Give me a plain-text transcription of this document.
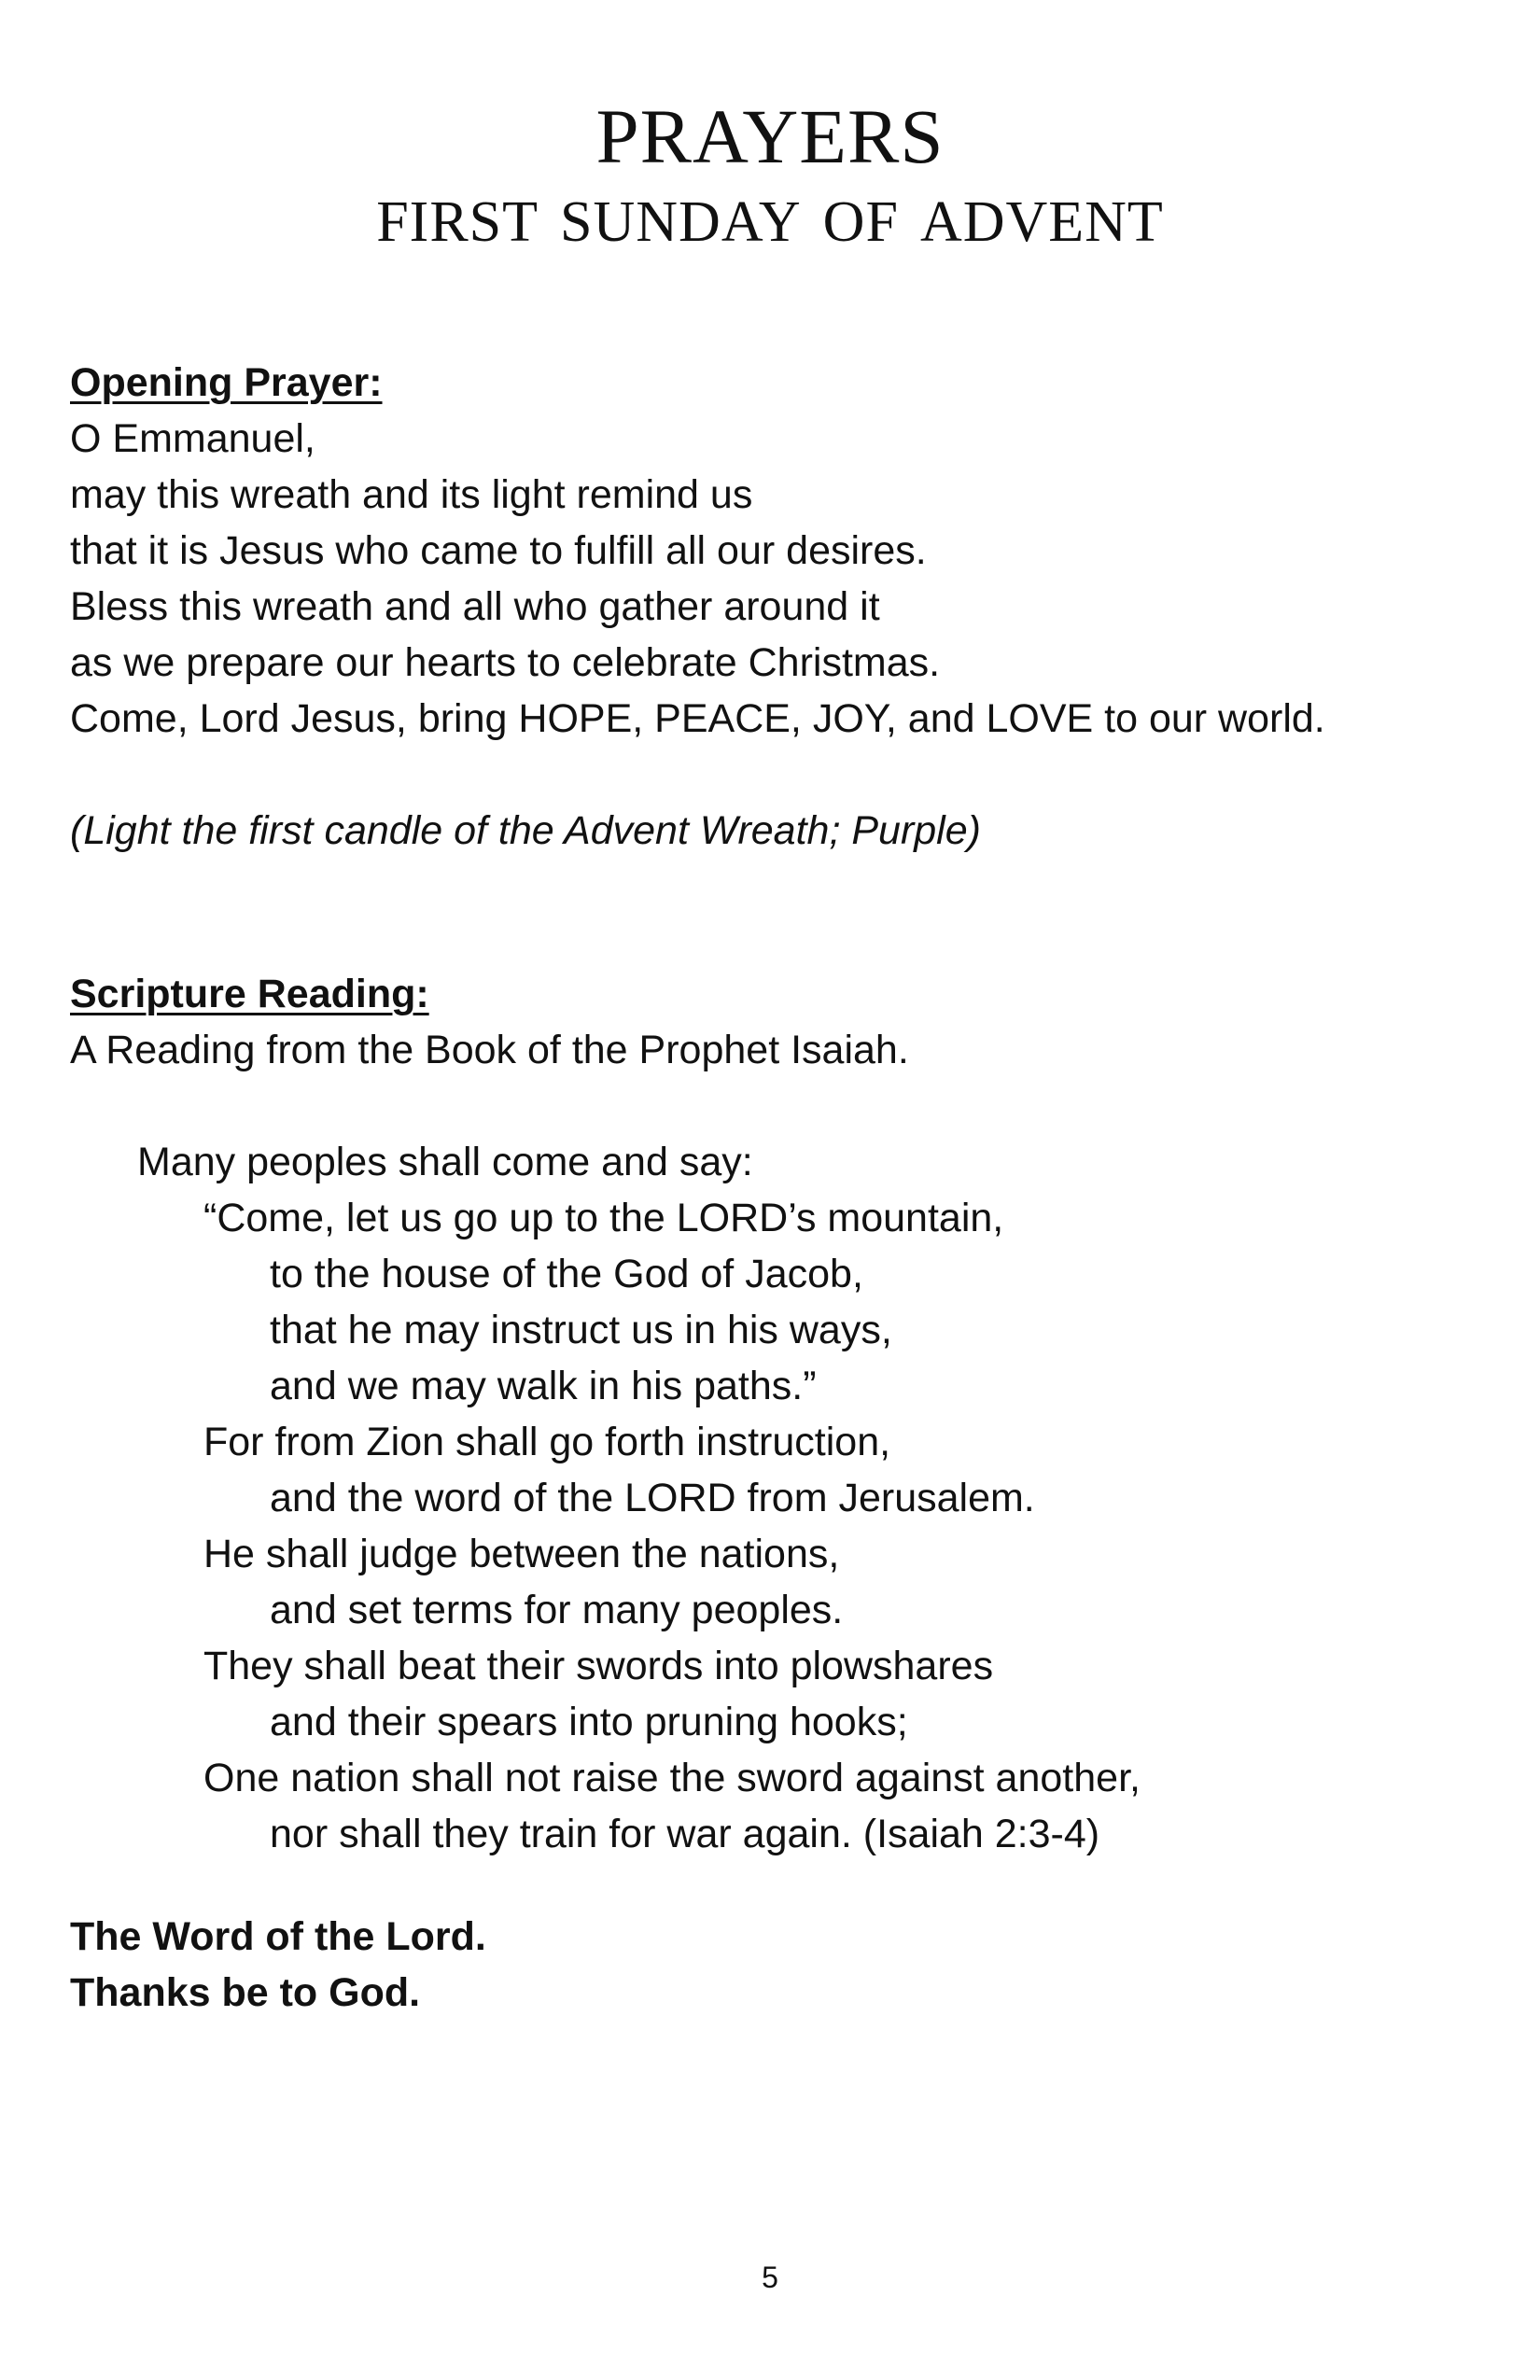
prayers
first sunday of advent
Opening Prayer:
O Emmanuel,
may this wreath and its light remind us
that it is Jesus who came to fulfill all our desires.
Bless this wreath and all who gather around it
as we prepare our hearts to celebrate Christmas.
Come, Lord Jesus, bring HOPE, PEACE, JOY, and LOVE to our world.
(Light the first candle of the Advent Wreath; Purple)
Scripture Reading:
A Reading from the Book of the Prophet Isaiah.
Many peoples shall come and say:
“Come, let us go up to the LORD’s mountain,
to the house of the God of Jacob,
that he may instruct us in his ways,
and we may walk in his paths.”
For from Zion shall go forth instruction,
and the word of the LORD from Jerusalem.
He shall judge between the nations,
and set terms for many peoples.
They shall beat their swords into plowshares
and their spears into pruning hooks;
One nation shall not raise the sword against another,
nor shall they train for war again. (Isaiah 2:3-4)
The Word of the Lord.
Thanks be to God.
5
